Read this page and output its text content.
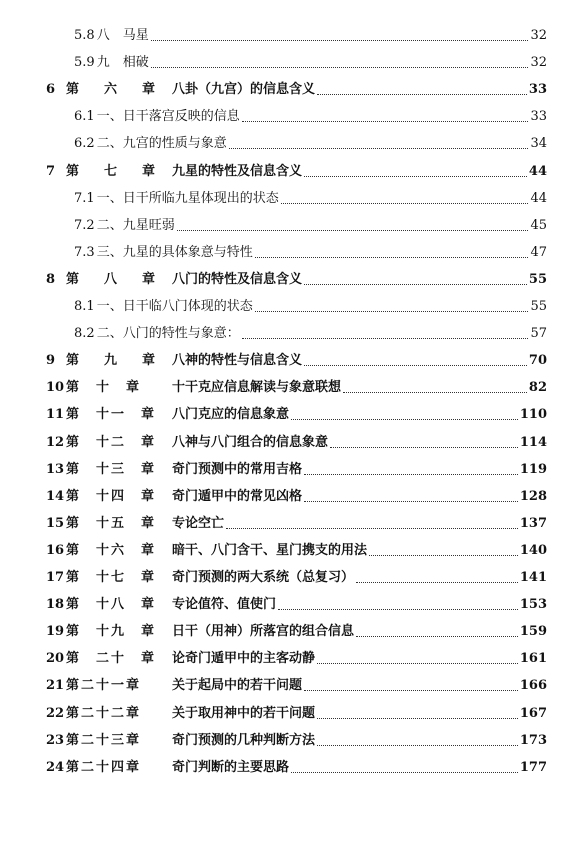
5.8 八　马星	32
5.9 九　相破	32
6 第　六　章 八卦（九宫）的信息含义	33
6.1 一、日干落宫反映的信息	33
6.2 二、九宫的性质与象意	34
7 第　七　章 九星的特性及信息含义	44
7.1 一、日干所临九星体现出的状态	44
7.2 二、九星旺弱	45
7.3 三、九星的具体象意与特性	47
8 第　八　章 八门的特性及信息含义	55
8.1 一、日干临八门体现的状态	55
8.2 二、八门的特性与象意：	57
9 第　九　章 八神的特性与信息含义	70
10 第　十　章	十干克应信息解读与象意联想	82
11 第　十一　章	八门克应的信息象意	110
12 第　十二　章	八神与八门组合的信息象意	114
13 第　十三　章	奇门预测中的常用吉格	119
14 第　十四　章	奇门遁甲中的常见凶格	128
15 第　十五　章	专论空亡	137
16 第　十六　章	暗干、八门含干、星门携支的用法	140
17 第　十七　章	奇门预测的两大系统（总复习）	141
18 第　十八　章	专论值符、值使门	153
19 第　十九　章	日干（用神）所落宫的组合信息	159
20 第　二十　章	论奇门遁甲中的主客动静	161
21 第二十一章	关于起局中的若干问题	166
22 第二十二章	关于取用神中的若干问题	167
23 第二十三章	奇门预测的几种判断方法	173
24 第二十四章	奇门判断的主要思路	177
